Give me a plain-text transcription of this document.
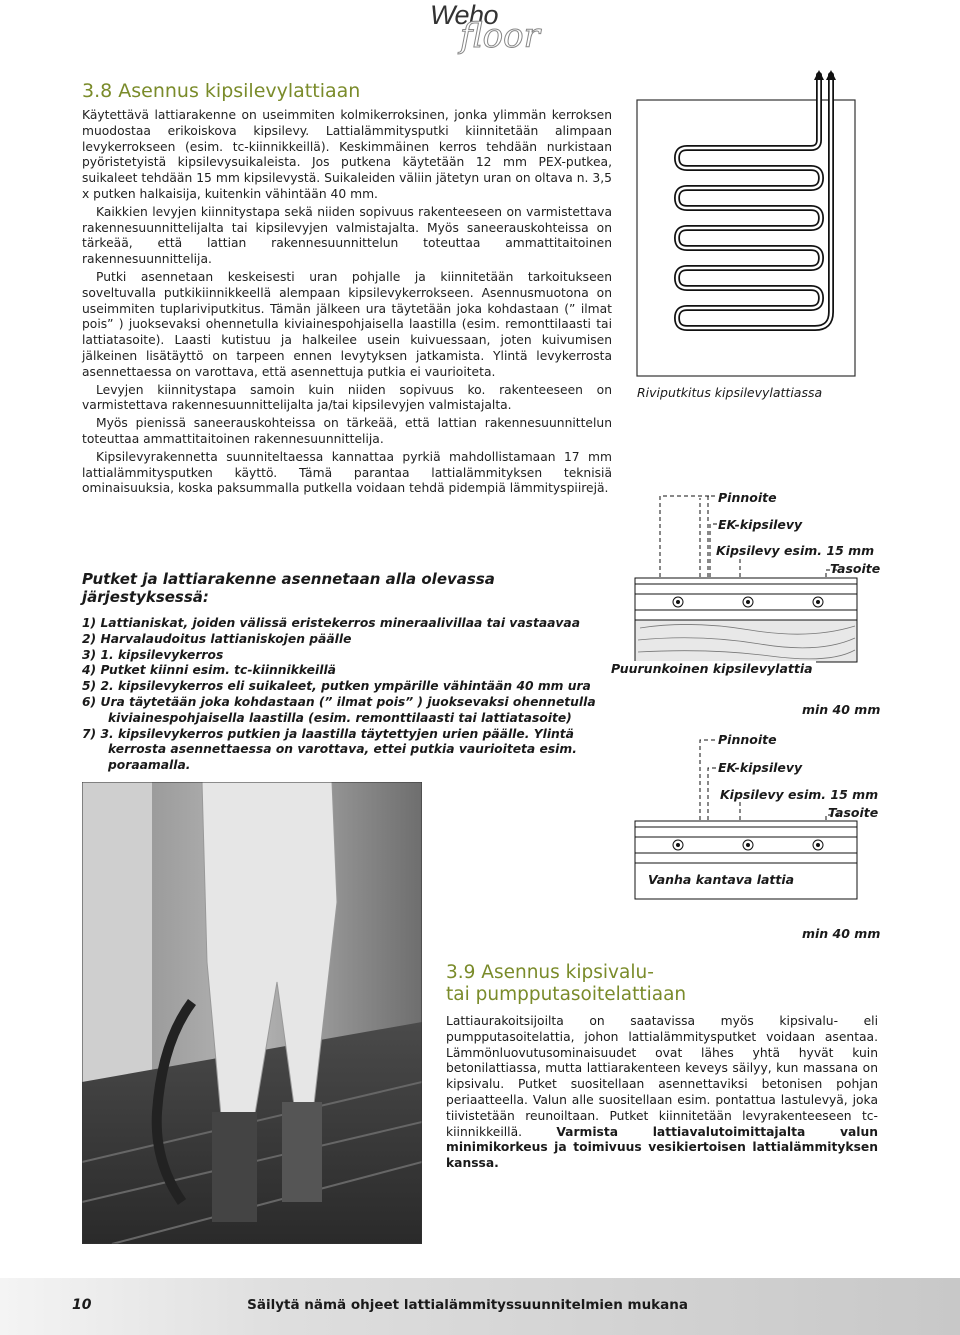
Weho
floor
3.8 Asennus kipsilevylattiaan

Käytettävä lattiarakenne on useimmiten kolmikerroksinen, jonka ylimmän kerroksen muodostaa erikoiskova kipsilevy. Lattialämmitysputki kiinnitetään alimpaan levykerrokseen (esim. tc-kiinnikkeillä). Keskimmäinen kerros tehdään nurkistaan pyöristetyistä kipsilevysuikaleista. Jos putkena käytetään 12 mm PEX-putkea, suikaleet tehdään 15 mm kipsilevystä. Suikaleiden väliin jätetyn uran on oltava n. 3,5 x putken halkaisija, kuitenkin vähintään 40 mm.

Kaikkien levyjen kiinnitystapa sekä niiden sopivuus rakenteeseen on varmistettava rakennesuunnittelijalta tai kipsilevyjen valmistajalta. Myös saneerauskohteissa on tärkeää, että lattian rakennesuunnittelun toteuttaa ammattitaitoinen rakennesuunnittelija.

Putki asennetaan keskeisesti uran pohjalle ja kiinnitetään tarkoitukseen soveltuvalla putkikiinnikkeellä alempaan kipsilevykerrokseen. Asennusmuotona on useimmiten tuplariviputkitus. Tämän jälkeen ura täytetään joka kohdastaan (” ilmat pois” ) juoksevaksi ohennetulla kiviainespohjaisella laastilla (esim. remonttilaasti tai lattiatasoite). Laasti kutistuu ja halkeilee usein kuivuessaan, joten kuivumisen jälkeinen lisätäyttö on tarpeen ennen levytyksen jatkamista. Ylintä levykerrosta asennettaessa on varottava, että asennettuja putkia ei vaurioiteta.

Levyjen kiinnitystapa samoin kuin niiden sopivuus ko. rakenteeseen on varmistettava rakennesuunnittelijalta ja/tai kipsilevyjen valmistajalta.

Myös pienissä saneerauskohteissa on tärkeää, että lattian rakennesuunnittelun toteuttaa ammattitaitoinen rakennesuunnittelija.

Kipsilevyrakennetta suunniteltaessa kannattaa pyrkiä mahdollistamaan 17 mm lattialämmitysputken käyttö. Tämä parantaa lattialämmityksen teknisiä ominaisuuksia, koska paksummalla putkella voidaan tehdä pidempiä lämmityspiirejä.

Putket ja lattiarakenne asennetaan alla olevassa järjestyksessä:
1) Lattianiskat, joiden välissä eristekerros mineraalivillaa tai vastaavaa
2) Harvalaudoitus lattianiskojen päälle
3) 1. kipsilevykerros
4) Putket kiinni esim. tc-kiinnikkeillä
5) 2. kipsilevykerros eli suikaleet, putken ympärille vähintään 40 mm ura
6) Ura täytetään joka kohdastaan (” ilmat pois” ) juoksevaksi ohennetulla kiviainespohjaisella laastilla (esim. remonttilaasti tai lattiatasoite)
7) 3. kipsilevykerros putkien ja laastilla täytettyjen urien päälle. Ylintä kerrosta asennettaessa on varottava, ettei putkia vaurioiteta esim. poraamalla.
Riviputkitus kipsilevylattiassa
Pinnoite
EK-kipsilevy
Kipsilevy esim. 15 mm
Tasoite
Puurunkoinen kipsilevylattia
min 40 mm
Pinnoite
EK-kipsilevy
Kipsilevy esim. 15 mm
Tasoite
Vanha kantava lattia
min 40 mm
3.9 Asennus kipsivalu-
tai pumpputasoitelattiaan

Lattiaurakoitsijoilta on saatavissa myös kipsivalu- eli pumpputasoitelattia, johon lattialämmitysputket voidaan asentaa. Lämmönluovutusominaisuudet ovat lähes yhtä hyvät kuin betonilattiassa, mutta lattiarakenteen keveys säilyy, kun massana on kipsivalu. Putket suositellaan asennettaviksi betonisen pohjan periaatteella. Valun alle suositellaan esim. pontattua lastulevyä, joka tiivistetään reunoiltaan. Putket kiinnitetään levyrakenteeseen tc-kiinnikkeillä.	Varmista lattiavalutoimittajalta valun minimikorkeus ja toimivuus vesikiertoisen lattialämmityksen kanssa.

10	Säilytä nämä ohjeet lattialämmityssuunnitelmien mukana
